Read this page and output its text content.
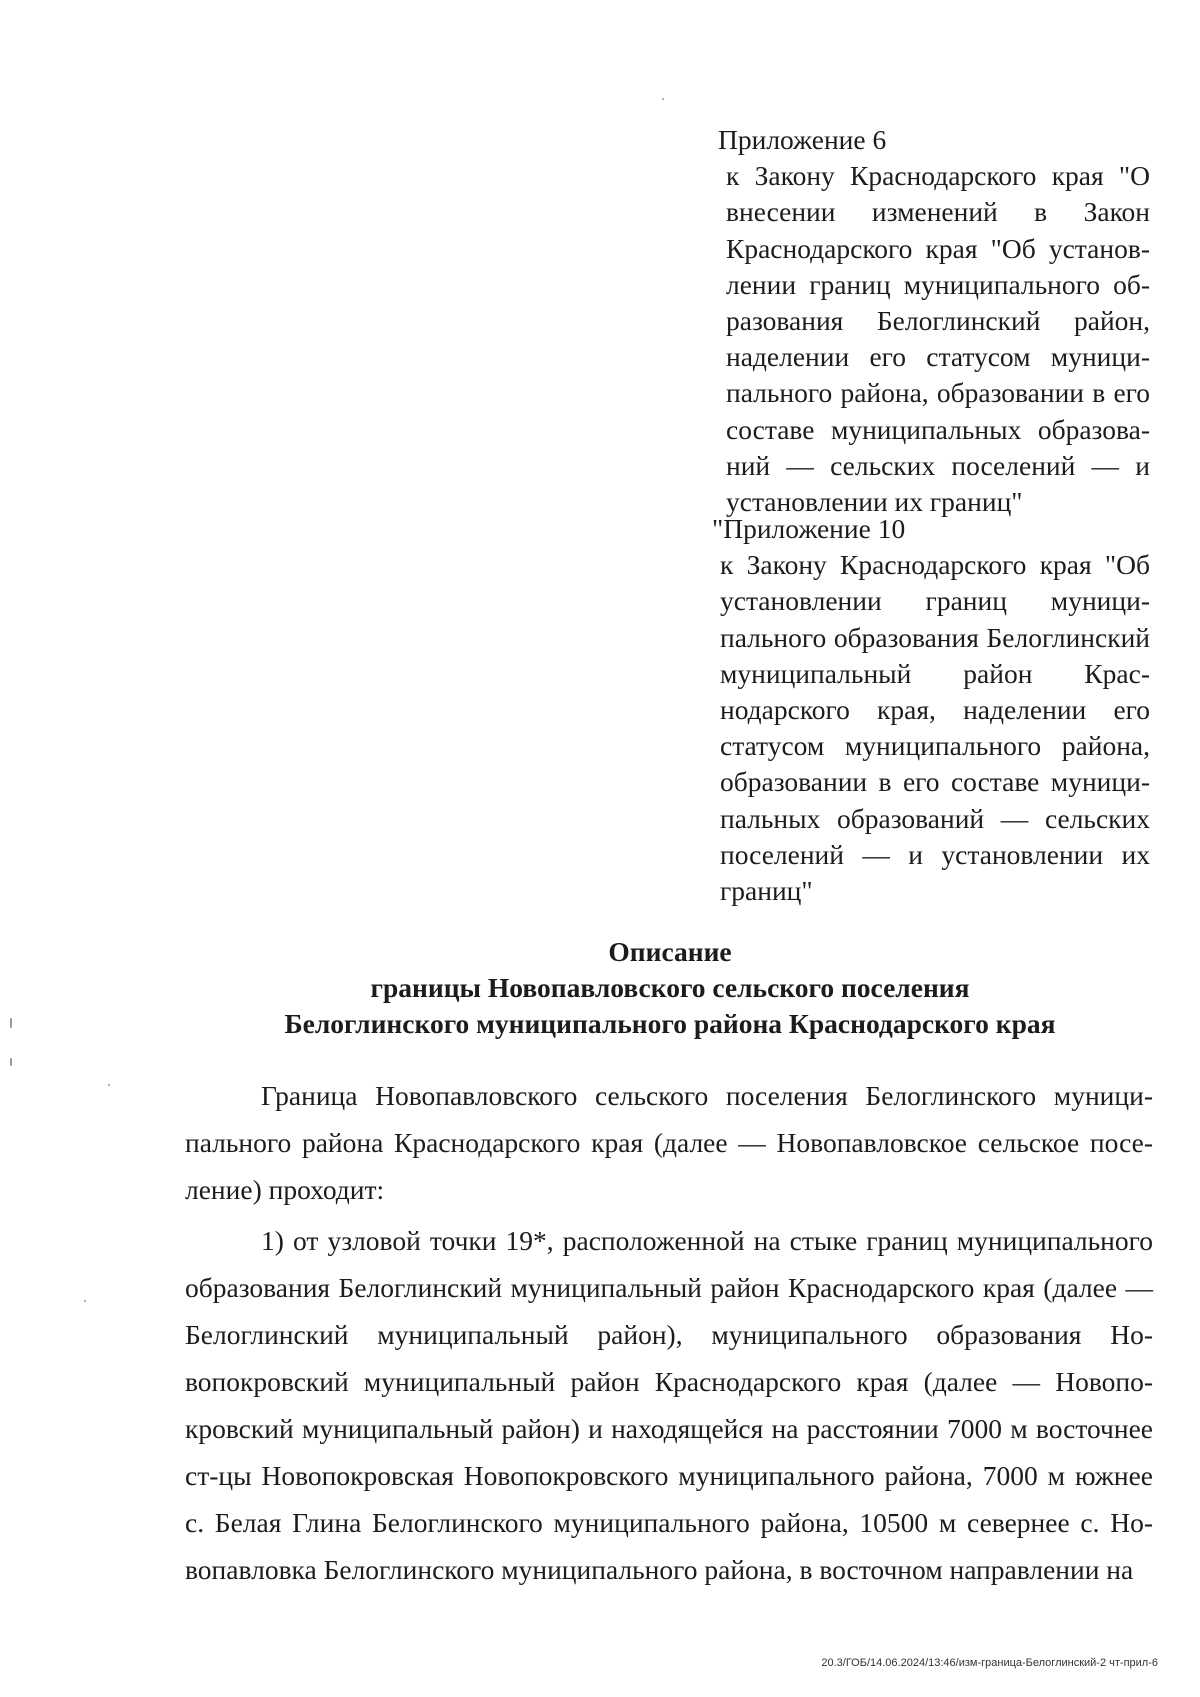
Приложение 6
к Закону Краснодарского края "О внесении изменений в Закон Краснодарского края "Об установлении границ муниципального образования Белоглинский район, наделении его статусом муниципального района, образовании в его составе муниципальных образований — сельских поселений — и установлении их границ"
"Приложение 10
к Закону Краснодарского края "Об установлении границ муниципального образования Белоглинский муниципальный район Краснодарского края, наделении его статусом муниципального района, образовании в его составе муниципальных образований — сельских поселений — и установлении их границ"
Описание
границы Новопавловского сельского поселения
Белоглинского муниципального района Краснодарского края

Граница Новопавловского сельского поселения Белоглинского муниципального района Краснодарского края (далее — Новопавловское сельское поселение) проходит:

1) от узловой точки 19*, расположенной на стыке границ муниципального образования Белоглинский муниципальный район Краснодарского края (далее — Белоглинский муниципальный район), муниципального образования Новопокровский муниципальный район Краснодарского края (далее — Новопокровский муниципальный район) и находящейся на расстоянии 7000 м восточнее ст-цы Новопокровская Новопокровского муниципального района, 7000 м южнее с. Белая Глина Белоглинского муниципального района, 10500 м севернее с. Новопавловка Белоглинского муниципального района, в восточном направлении на

20.3/ГОБ/14.06.2024/13:46/изм-граница-Белоглинский-2 чт-прил-6
